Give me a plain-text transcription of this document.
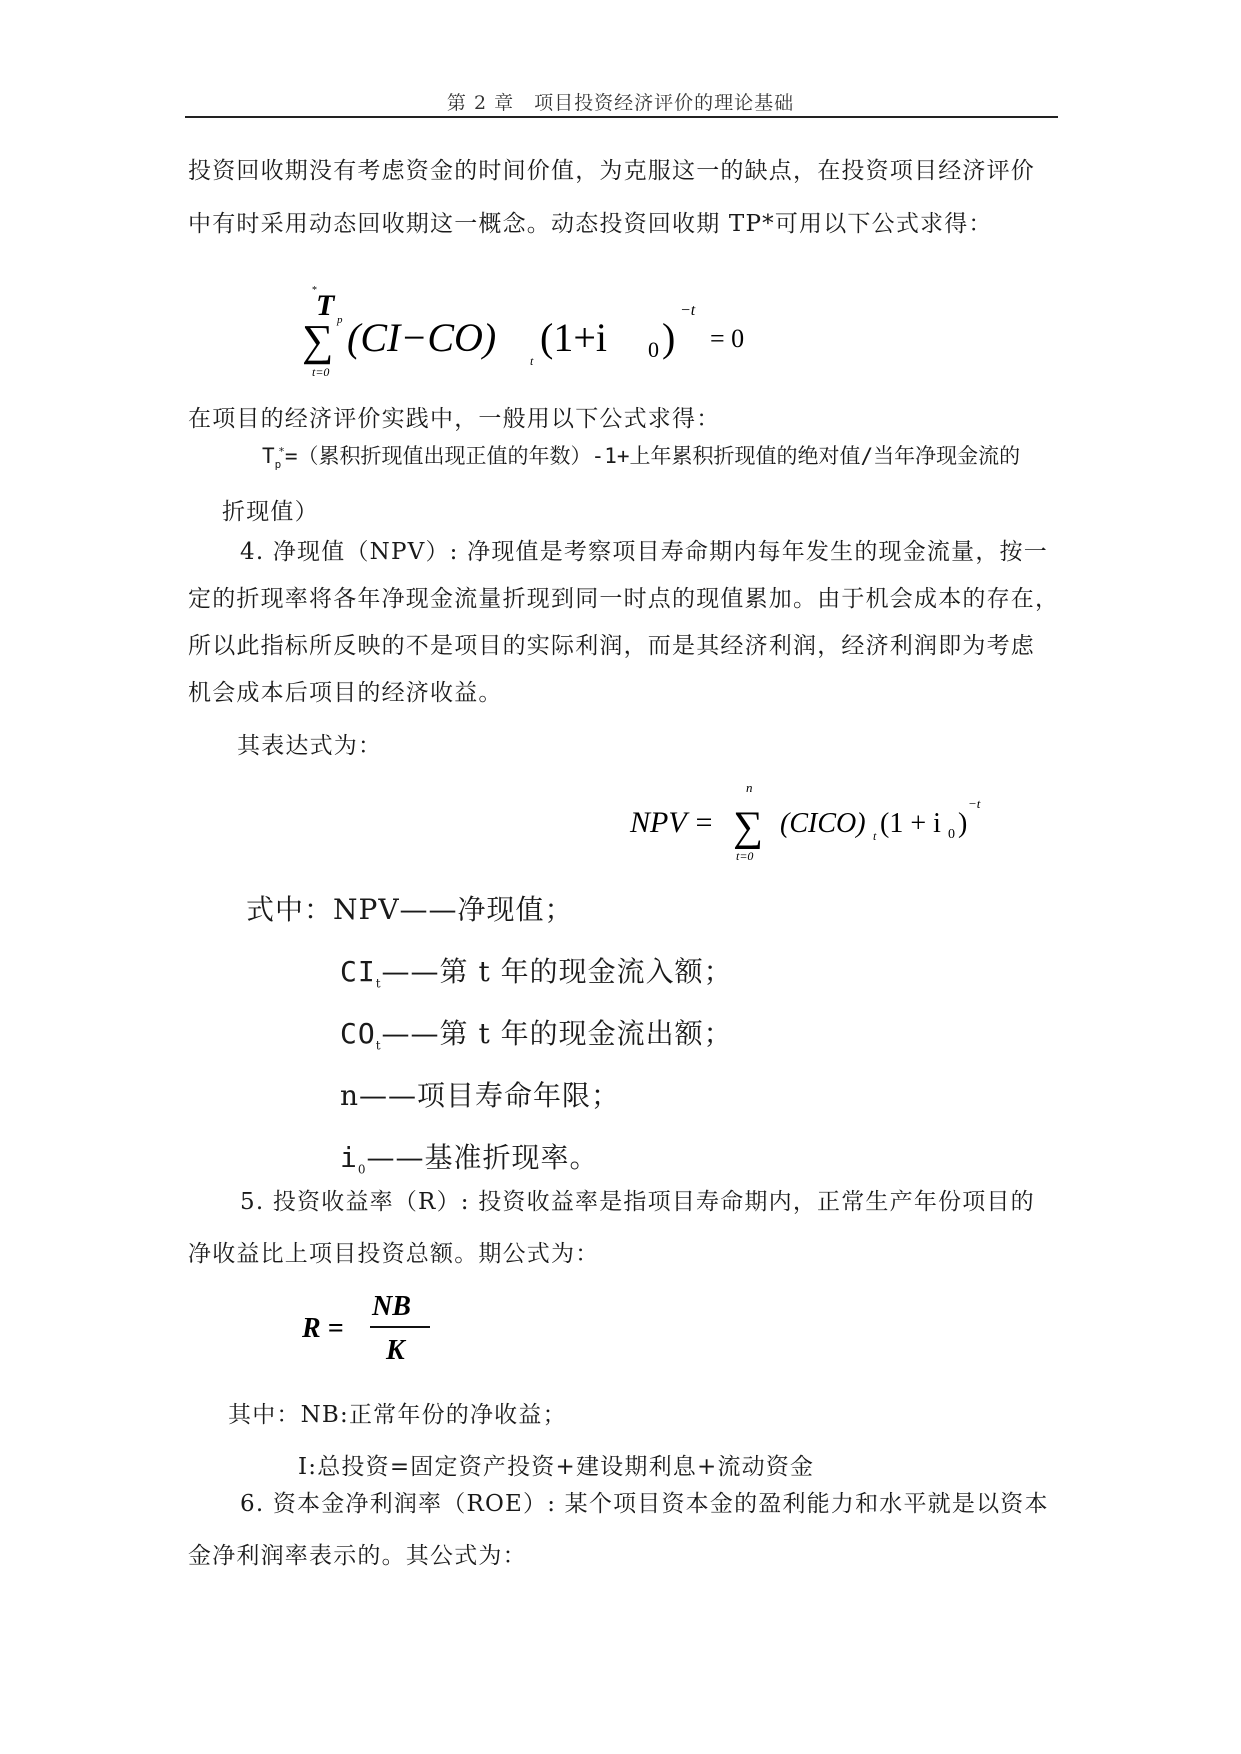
第 2 章　项目投资经济评价的理论基础
投资回收期没有考虑资金的时间价值，为克服这一的缺点，在投资项目经济评价
中有时采用动态回收期这一概念。动态投资回收期 TP*可用以下公式求得：
T
*
p
∑
t=0
(CI−CO)
t
(1+i 0 )
−t
= 0
在项目的经济评价实践中，一般用以下公式求得：
$T_p^*=$（累积折现值出现正值的年数）-1+上年累积折现值的绝对值/当年净现金流的
折现值）
4. 净现值（NPV）: 净现值是考察项目寿命期内每年发生的现金流量，按一
定的折现率将各年净现金流量折现到同一时点的现值累加。由于机会成本的存在，
所以此指标所反映的不是项目的实际利润，而是其经济利润，经济利润即为考虑
机会成本后项目的经济收益。
其表达式为：
NPV =
n
∑
t=0
(CICO) t (1 + i 0 )
−t
式中：NPV——净现值；
$CI_t——$第 t 年的现金流入额；
$CO_t——$第 t 年的现金流出额；
n——项目寿命年限；
$i_0——$基准折现率。
5. 投资收益率（R）: 投资收益率是指项目寿命期内，正常生产年份项目的
净收益比上项目投资总额。期公式为：
R =
NB
K
其中：NB:正常年份的净收益；
I:总投资=固定资产投资+建设期利息+流动资金
6. 资本金净利润率（ROE）: 某个项目资本金的盈利能力和水平就是以资本
金净利润率表示的。其公式为：
